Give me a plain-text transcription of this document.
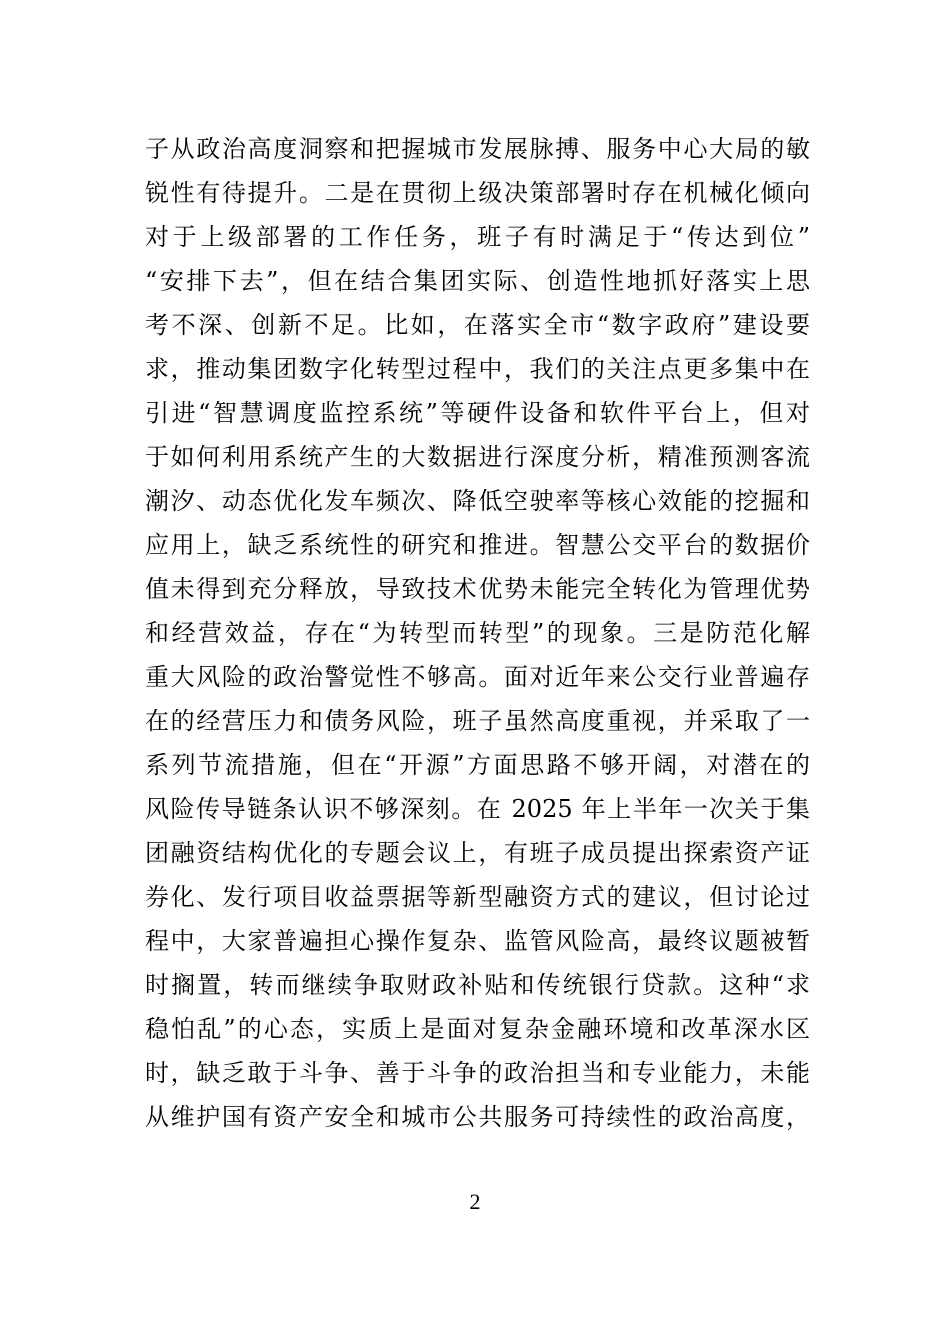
子从政治高度洞察和把握城市发展脉搏、服务中心大局的敏
锐性有待提升。二是在贯彻上级决策部署时存在机械化倾向
对于上级部署的工作任务，班子有时满足于“传达到位”
“安排下去”，但在结合集团实际、创造性地抓好落实上思
考不深、创新不足。比如，在落实全市“数字政府”建设要
求，推动集团数字化转型过程中，我们的关注点更多集中在
引进“智慧调度监控系统”等硬件设备和软件平台上，但对
于如何利用系统产生的大数据进行深度分析，精准预测客流
潮汐、动态优化发车频次、降低空驶率等核心效能的挖掘和
应用上，缺乏系统性的研究和推进。智慧公交平台的数据价
值未得到充分释放，导致技术优势未能完全转化为管理优势
和经营效益，存在“为转型而转型”的现象。三是防范化解
重大风险的政治警觉性不够高。面对近年来公交行业普遍存
在的经营压力和债务风险，班子虽然高度重视，并采取了一
系列节流措施，但在“开源”方面思路不够开阔，对潜在的
风险传导链条认识不够深刻。在 2025 年上半年一次关于集
团融资结构优化的专题会议上，有班子成员提出探索资产证
券化、发行项目收益票据等新型融资方式的建议，但讨论过
程中，大家普遍担心操作复杂、监管风险高，最终议题被暂
时搁置，转而继续争取财政补贴和传统银行贷款。这种“求
稳怕乱”的心态，实质上是面对复杂金融环境和改革深水区
时，缺乏敢于斗争、善于斗争的政治担当和专业能力，未能
从维护国有资产安全和城市公共服务可持续性的政治高度，
2
